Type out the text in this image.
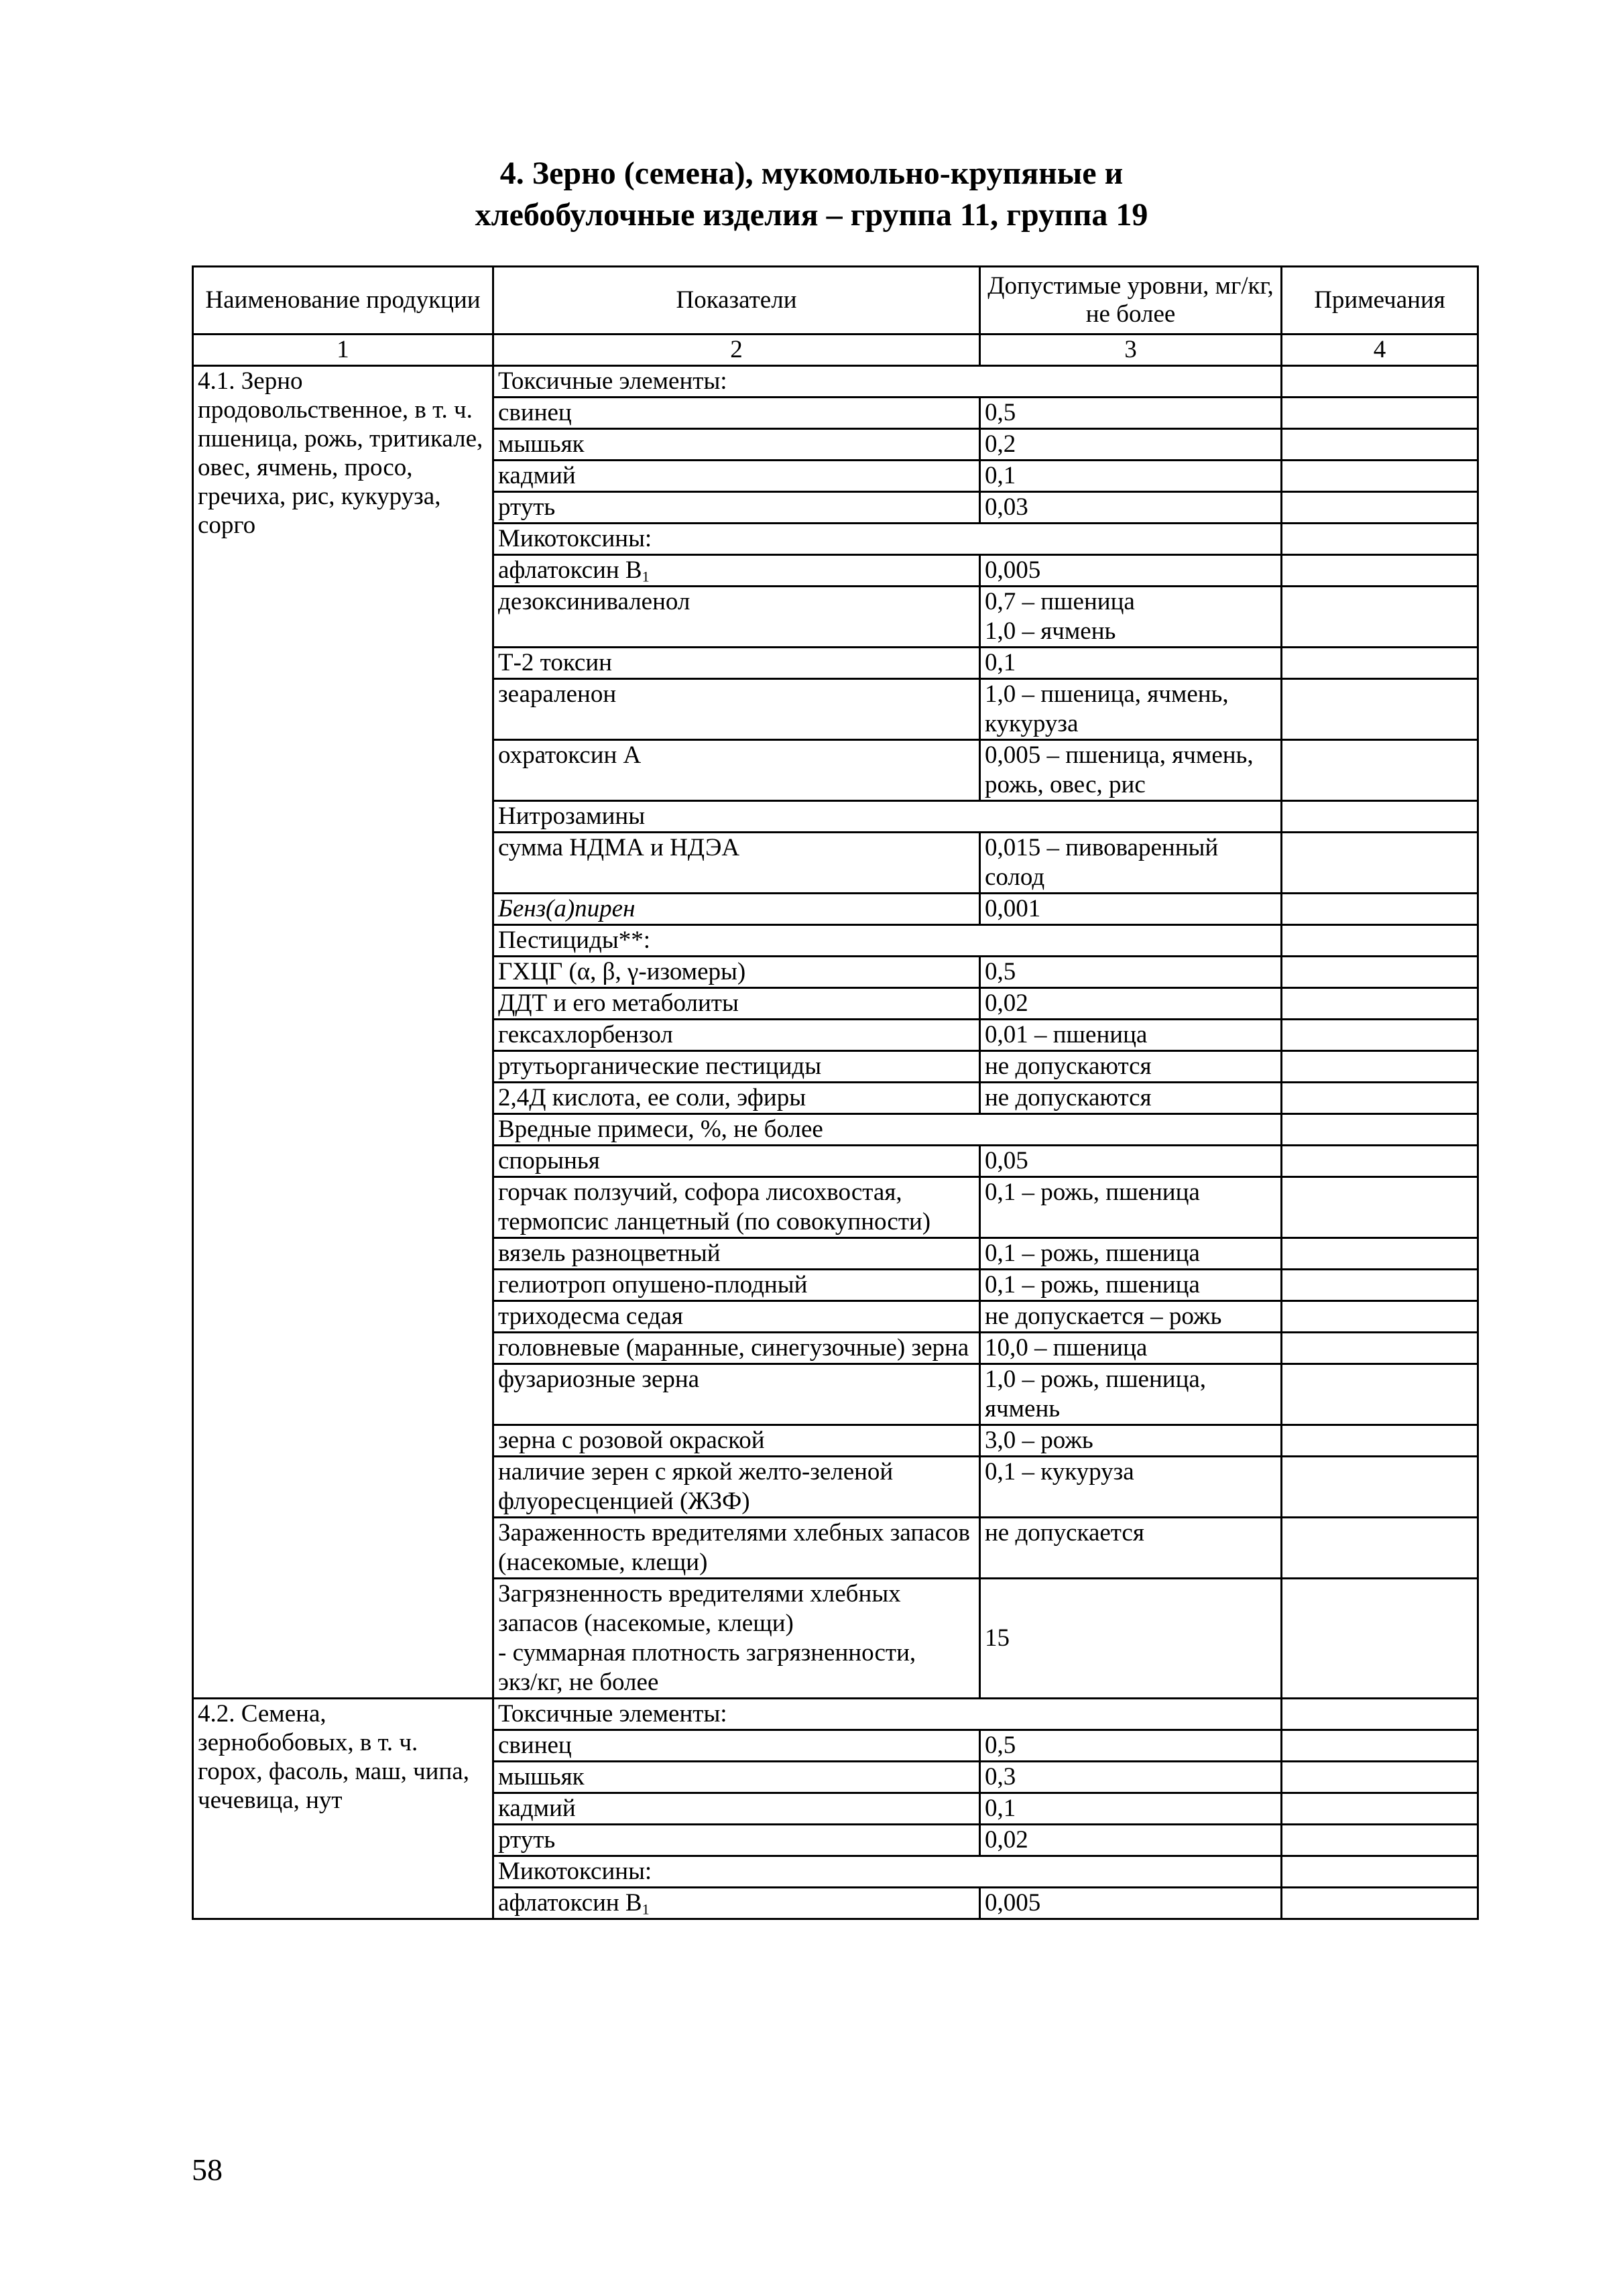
4. Зерно (семена), мукомольно-крупяные и
хлебобулочные изделия – группа 11, группа 19
Наименование продукции	Показатели	Допустимые уровни, мг/кг, не более	Примечания
1	2	3	4
4.1. Зерно продовольственное, в т. ч. пшеница, рожь, тритикале, овес, ячмень, просо, гречиха, рис, кукуруза, сорго	Токсичные элементы:		
	свинец	0,5	
	мышьяк	0,2	
	кадмий	0,1	
	ртуть	0,03	
	Микотоксины:		
	афлатоксин $B_1$	0,005	
	дезоксиниваленол	0,7 – пшеница
1,0 – ячмень	
	Т-2 токсин	0,1	
	зеараленон	1,0 – пшеница, ячмень,
кукуруза	
	охратоксин А	0,005 – пшеница, ячмень, рожь, овес, рис	
	Нитрозамины		
	сумма НДМА и НДЭА	0,015 – пивоваренный солод	
	Бенз(а)пирен	0,001	
	Пестициды**:		
	ГХЦГ (α, β, γ-изомеры)	0,5	
	ДДТ и его метаболиты	0,02	
	гексахлорбензол	0,01 – пшеница	
	ртутьорганические пестициды	не допускаются	
	2,4Д кислота, ее соли, эфиры	не допускаются	
	Вредные примеси, %, не более		
	спорынья	0,05	
	горчак ползучий, софора лисохвостая, термопсис ланцетный (по совокупности)	0,1 – рожь, пшеница	
	вязель разноцветный	0,1 – рожь, пшеница	
	гелиотроп опушено-плодный	0,1 – рожь, пшеница	
	триходесма седая	не допускается – рожь	
	головневые (маранные, синегузочные) зерна	10,0 – пшеница	
	фузариозные зерна	1,0 – рожь, пшеница,
ячмень	
	зерна с розовой окраской	3,0 – рожь	
	наличие зерен с яркой желто-зеленой флуоресценцией (ЖЗФ)	0,1 – кукуруза	
	Зараженность вредителями хлебных запасов (насекомые, клещи)	не допускается	
	Загрязненность вредителями хлебных
запасов (насекомые, клещи)
- суммарная плотность загрязненности,
экз/кг, не более	15	
4.2. Семена, зернобобовых, в т. ч. горох, фасоль, маш, чипа, чечевица, нут	Токсичные элементы:		
	свинец	0,5	
	мышьяк	0,3	
	кадмий	0,1	
	ртуть	0,02	
	Микотоксины:		
	афлатоксин $B_1$	0,005	
58
